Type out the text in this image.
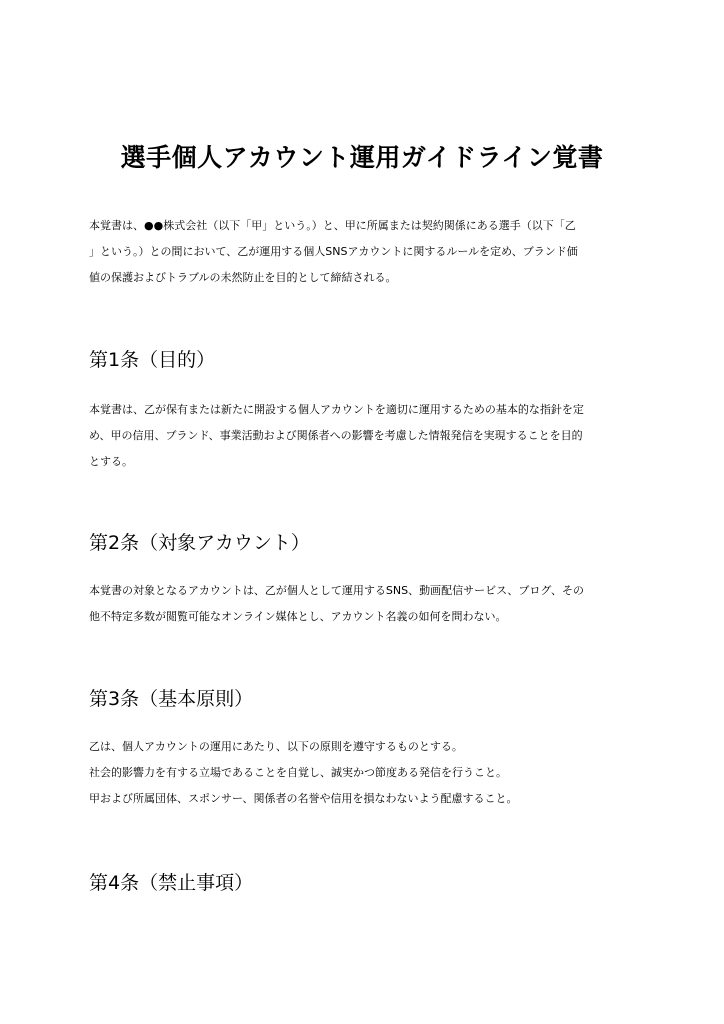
選手個人アカウント運用ガイドライン覚書

本覚書は、●●株式会社（以下「甲」という。）と、甲に所属または契約関係にある選手（以下「乙
」という。）との間において、乙が運用する個人SNSアカウントに関するルールを定め、ブランド価
値の保護およびトラブルの未然防止を目的として締結される。

第1条（目的）

本覚書は、乙が保有または新たに開設する個人アカウントを適切に運用するための基本的な指針を定
め、甲の信用、ブランド、事業活動および関係者への影響を考慮した情報発信を実現することを目的
とする。

第2条（対象アカウント）

本覚書の対象となるアカウントは、乙が個人として運用するSNS、動画配信サービス、ブログ、その
他不特定多数が閲覧可能なオンライン媒体とし、アカウント名義の如何を問わない。

第3条（基本原則）

乙は、個人アカウントの運用にあたり、以下の原則を遵守するものとする。
社会的影響力を有する立場であることを自覚し、誠実かつ節度ある発信を行うこと。
甲および所属団体、スポンサー、関係者の名誉や信用を損なわないよう配慮すること。

第4条（禁止事項）
